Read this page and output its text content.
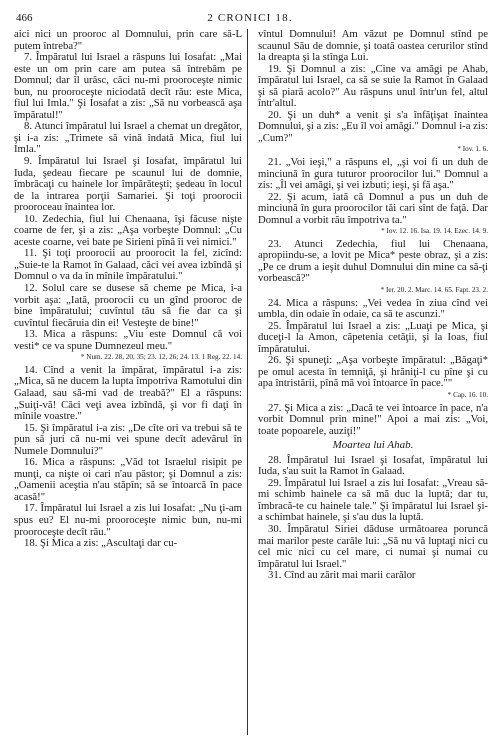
466	2 CRONICI 18.

aici nici un prooroc al Domnului, prin care să-L putem întreba?"

7. Împăratul lui Israel a răspuns lui Iosafat: „Mai este un om prin care am putea să întrebăm pe Domnul; dar îl urăsc, căci nu-mi prooroceşte nimic bun, nu prooroceşte niciodată decît rău: este Mica, fiul lui Imla." Şi Iosafat a zis: „Să nu vorbească aşa împăratul!"

8. Atunci împăratul lui Israel a chemat un dregător, şi i-a zis: „Trimete să vină îndată Mica, fiul lui Imla."

9. Împăratul lui Israel şi Iosafat, împăratul lui Iuda, şedeau fiecare pe scaunul lui de domnie, îmbrăcaţi cu hainele lor împărăteşti; şedeau în locul de la intrarea porţii Samariei. Şi toţi proorocii prooroceau înaintea lor.

10. Zedechia, fiul lui Chenaana, îşi făcuse nişte coarne de fer, şi a zis: „Aşa vorbeşte Domnul: „Cu aceste coarne, vei bate pe Sirieni pînă îi vei nimici."

11. Şi toţi proorocii au proorocit la fel, zicînd: „Suie-te la Ramot în Galaad, căci vei avea izbîndă şi Domnul o va da în mînile împăratului."

12. Solul care se dusese să cheme pe Mica, i-a vorbit aşa: „Iată, proorocii cu un gînd prooroc de bine împăratului; cuvîntul tău să fie dar ca şi cuvîntul fiecăruia din ei! Vesteşte de bine!"

13. Mica a răspuns: „Viu este Domnul că voi vesti* ce va spune Dumnezeul meu."

* Num. 22. 28, 20, 35; 23. 12, 26; 24. 13. 1 Reg. 22. 14.

14. Cînd a venit la împărat, împăratul i-a zis: „Mica, să ne ducem la lupta împotriva Ramotului din Galaad, sau să-mi vad de treabă?" El a răspuns: „Suiţi-vă! Căci veţi avea izbîndă, şi vor fi daţi în mînile voastre."

15. Şi împăratul i-a zis: „De cîte ori va trebui să te pun să juri că nu-mi vei spune decît adevărul în Numele Domnului?"

16. Mica a răspuns: „Văd tot Israelul risipit pe munţi, ca nişte oi cari n'au păstor; şi Domnul a zis: „Oamenii aceştia n'au stăpîn; să se întoarcă în pace acasă!"

17. Împăratul lui Israel a zis lui Iosafat: „Nu ţi-am spus eu? El nu-mi prooroceşte nimic bun, nu-mi prooroceşte decît rău."

18. Şi Mica a zis: „Ascultaţi dar cu-

vîntul Domnului! Am văzut pe Domnul stînd pe scaunul Său de domnie, şi toată oastea cerurilor stînd la dreapta şi la stînga Lui.

19. Şi Domnul a zis: „Cine va amăgi pe Ahab, împăratul lui Israel, ca să se suie la Ramot în Galaad şi să piară acolo?" Au răspuns unul într'un fel, altul într'altul.

20. Şi un duh* a venit şi s'a înfăţişat înaintea Domnului, şi a zis: „Eu îl voi amăgi." Domnul i-a zis: „Cum?"

* Iov. 1. 6.

21. „Voi ieşi," a răspuns el, „şi voi fi un duh de minciună în gura tuturor proorocilor lui." Domnul a zis: „Îl vei amăgi, şi vei izbuti; ieşi, şi fă aşa."

22. Şi acum, iată că Domnul a pus un duh de minciună în gura proorocilor tăi cari sînt de faţă. Dar Domnul a vorbit rău împotriva ta."

* Iov. 12. 16. Isa. 19. 14. Ezec. 14. 9.

23. Atunci Zedechia, fiul lui Chenaana, apropiindu-se, a lovit pe Mica* peste obraz, şi a zis: „Pe ce drum a ieşit duhul Domnului din mine ca să-ţi vorbească?"

* Ier. 20. 2. Marc. 14. 65. Fapt. 23. 2.

24. Mica a răspuns: „Vei vedea în ziua cînd vei umbla, din odaie în odaie, ca să te ascunzi."

25. Împăratul lui Israel a zis: „Luaţi pe Mica, şi duceţi-l la Amon, căpetenia cetăţii, şi la Ioas, fiul împăratului.

26. Şi spuneţi: „Aşa vorbeşte împăratul: „Băgaţi* pe omul acesta în temniţă, şi hrăniţi-l cu pîne şi cu apa întristării, pînă mă voi întoarce în pace.""

* Cap. 16. 10.

27. Şi Mica a zis: „Dacă te vei întoarce în pace, n'a vorbit Domnul prin mine!" Apoi a mai zis: „Voi, toate popoarele, auziţi!"

Moartea lui Ahab.

28. Împăratul lui Israel şi Iosafat, împăratul lui Iuda, s'au suit la Ramot în Galaad.

29. Împăratul lui Israel a zis lui Iosafat: „Vreau să-mi schimb hainele ca să mă duc la luptă; dar tu, îmbracă-te cu hainele tale." Şi împăratul lui Israel şi-a schimbat hainele, şi s'au dus la luptă.

30. Împăratul Siriei dăduse următoarea poruncă mai marilor peste carăle lui: „Să nu vă luptaţi nici cu cel mic nici cu cel mare, ci numai şi numai cu împăratul lui Israel."

31. Cînd au zărit mai marii carălor
